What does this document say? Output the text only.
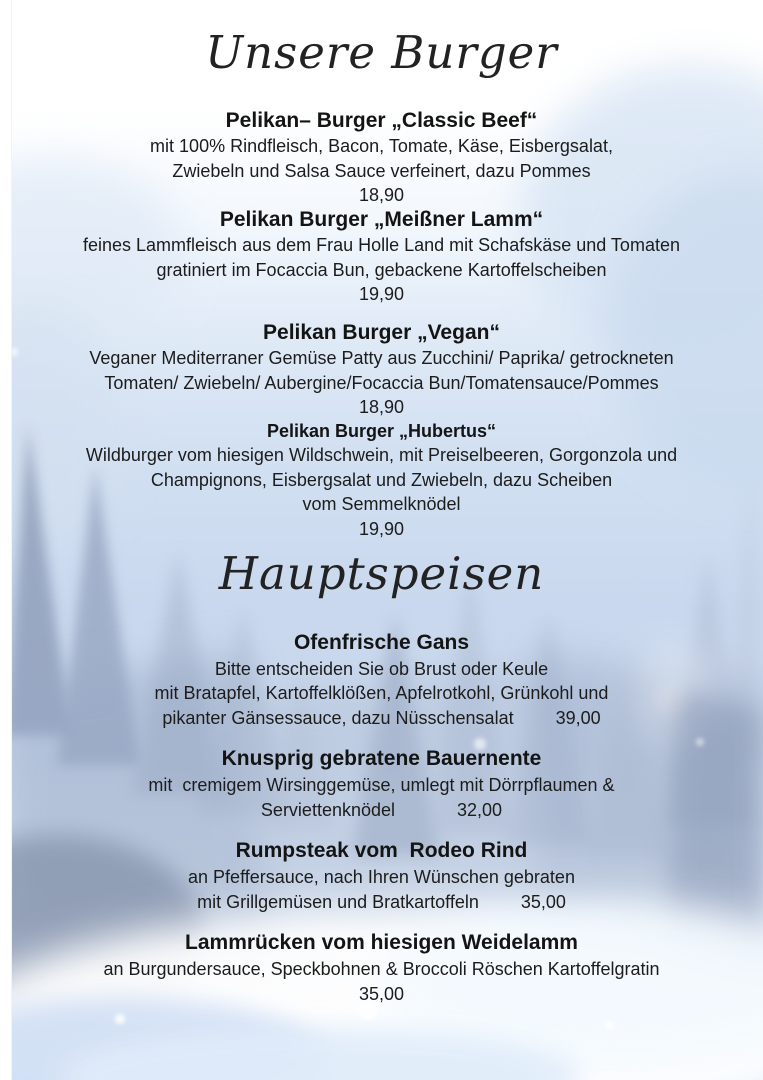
Unsere Burger
Pelikan– Burger „Classic Beef“
mit 100% Rindfleisch, Bacon, Tomate, Käse, Eisbergsalat,
Zwiebeln und Salsa Sauce verfeinert, dazu Pommes
18,90
Pelikan Burger „Meißner Lamm“
feines Lammfleisch aus dem Frau Holle Land mit Schafskäse und Tomaten
gratiniert im Focaccia Bun, gebackene Kartoffelscheiben
19,90
Pelikan Burger „Vegan“
Veganer Mediterraner Gemüse Patty aus Zucchini/ Paprika/ getrockneten
Tomaten/ Zwiebeln/ Aubergine/Focaccia Bun/Tomatensauce/Pommes
18,90
Pelikan Burger „Hubertus“
Wildburger vom hiesigen Wildschwein, mit Preiselbeeren, Gorgonzola und
Champignons, Eisbergsalat und Zwiebeln, dazu Scheiben
vom Semmelknödel
19,90
Hauptspeisen
Ofenfrische Gans
Bitte entscheiden Sie ob Brust oder Keule
mit Bratapfel, Kartoffelklößen, Apfelrotkohl, Grünkohl und
pikanter Gänsessauce, dazu Nüsschensalat 39,00
Knusprig gebratene Bauernente
mit  cremigem Wirsinggemüse, umlegt mit Dörrpflaumen &
Serviettenknödel	32,00
Rumpsteak vom  Rodeo Rind
an Pfeffersauce, nach Ihren Wünschen gebraten
mit Grillgemüsen und Bratkartoffeln 35,00
Lammrücken vom hiesigen Weidelamm
an Burgundersauce, Speckbohnen & Broccoli Röschen Kartoffelgratin
35,00
